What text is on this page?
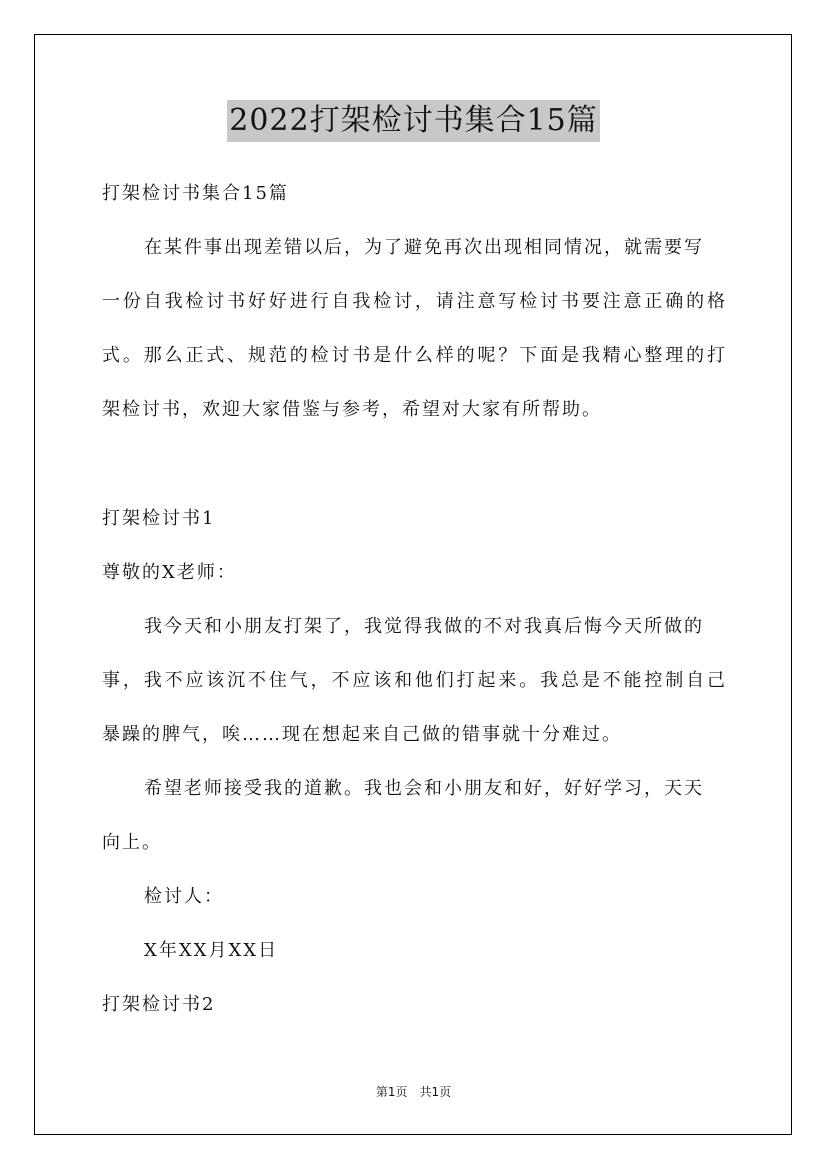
2022打架检讨书集合15篇

打架检讨书集合15篇

在某件事出现差错以后，为了避免再次出现相同情况，就需要写

一份自我检讨书好好进行自我检讨，请注意写检讨书要注意正确的格

式。那么正式、规范的检讨书是什么样的呢？下面是我精心整理的打

架检讨书，欢迎大家借鉴与参考，希望对大家有所帮助。

打架检讨书1

尊敬的X老师：

我今天和小朋友打架了，我觉得我做的不对我真后悔今天所做的

事，我不应该沉不住气，不应该和他们打起来。我总是不能控制自己

暴躁的脾气，唉……现在想起来自己做的错事就十分难过。

希望老师接受我的道歉。我也会和小朋友和好，好好学习，天天

向上。

检讨人：

X年XX月XX日

打架检讨书2

第1页　共1页
